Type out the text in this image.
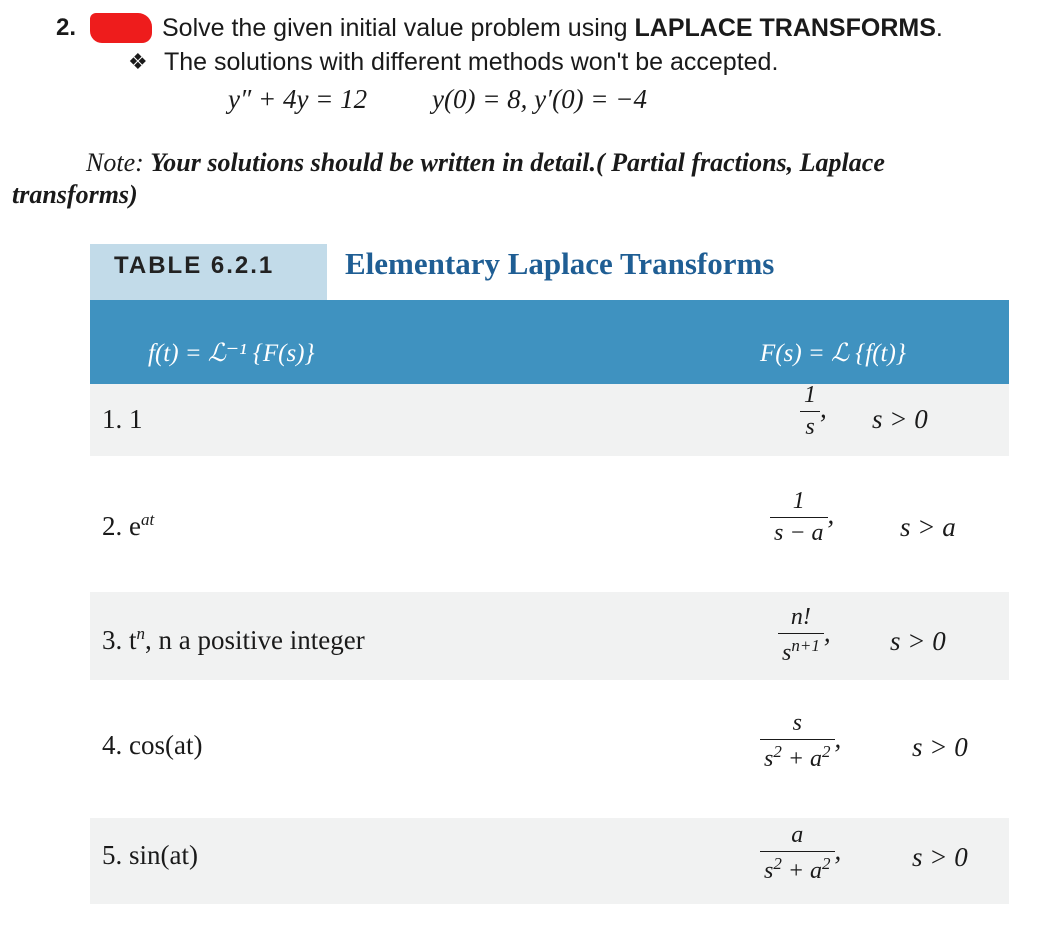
2.	Solve the given initial value problem using LAPLACE TRANSFORMS.
❖ The solutions with different methods won't be accepted.
y″ + 4y = 12 y(0) = 8, y′(0) = −4
Note: Your solutions should be written in detail.( Partial fractions, Laplace
transforms)
TABLE 6.2.1 Elementary Laplace Transforms
f(t) = ℒ⁻¹ {F(s)}	F(s) = ℒ {f(t)}
1. 1	$\frac{1}{s}$ , s > 0
2. $e^{at}$	$\frac{1}{s - a}$ , s > a
3. $t^n$, n a positive integer	$\frac{n!}{s^{n+1}}$ , s > 0
4. cos(at)	$\frac{s}{s^2 + a^2}$ ,	s > 0
5. sin(at)	$\frac{a}{s^2 + a^2}$ ,	s > 0
